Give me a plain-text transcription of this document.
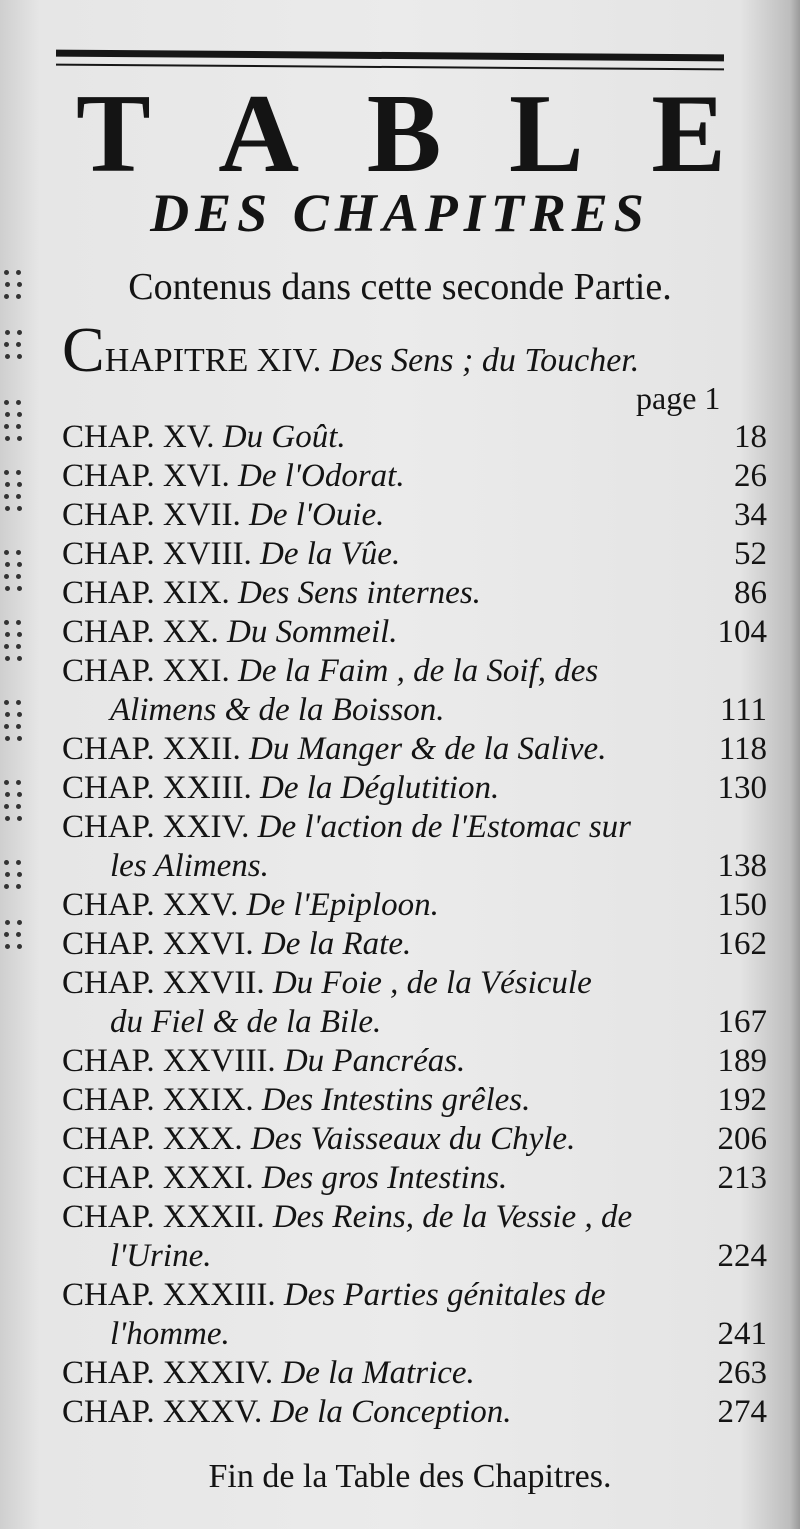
T A B L E
DES CHAPITRES
Contenus dans cette seconde Partie.
CHAPITRE XIV. Des Sens ; du Toucher.
page 1
CHAP. XV. Du Goût.	18
CHAP. XVI. De l'Odorat.	26
CHAP. XVII. De l'Ouie.	34
CHAP. XVIII. De la Vûe.	52
CHAP. XIX. Des Sens internes.	86
CHAP. XX. Du Sommeil.	104
CHAP. XXI. De la Faim , de la Soif, des
Alimens & de la Boisson.	111
CHAP. XXII. Du Manger & de la Salive.	118
CHAP. XXIII. De la Déglutition.	130
CHAP. XXIV. De l'action de l'Estomac sur
les Alimens.	138
CHAP. XXV. De l'Epiploon.	150
CHAP. XXVI. De la Rate.	162
CHAP. XXVII. Du Foie , de la Vésicule
du Fiel & de la Bile.	167
CHAP. XXVIII. Du Pancréas.	189
CHAP. XXIX. Des Intestins grêles.	192
CHAP. XXX. Des Vaisseaux du Chyle.	206
CHAP. XXXI. Des gros Intestins.	213
CHAP. XXXII. Des Reins, de la Vessie , de
l'Urine.	224
CHAP. XXXIII. Des Parties génitales de
l'homme.	241
CHAP. XXXIV. De la Matrice.	263
CHAP. XXXV. De la Conception.	274
Fin de la Table des Chapitres.
